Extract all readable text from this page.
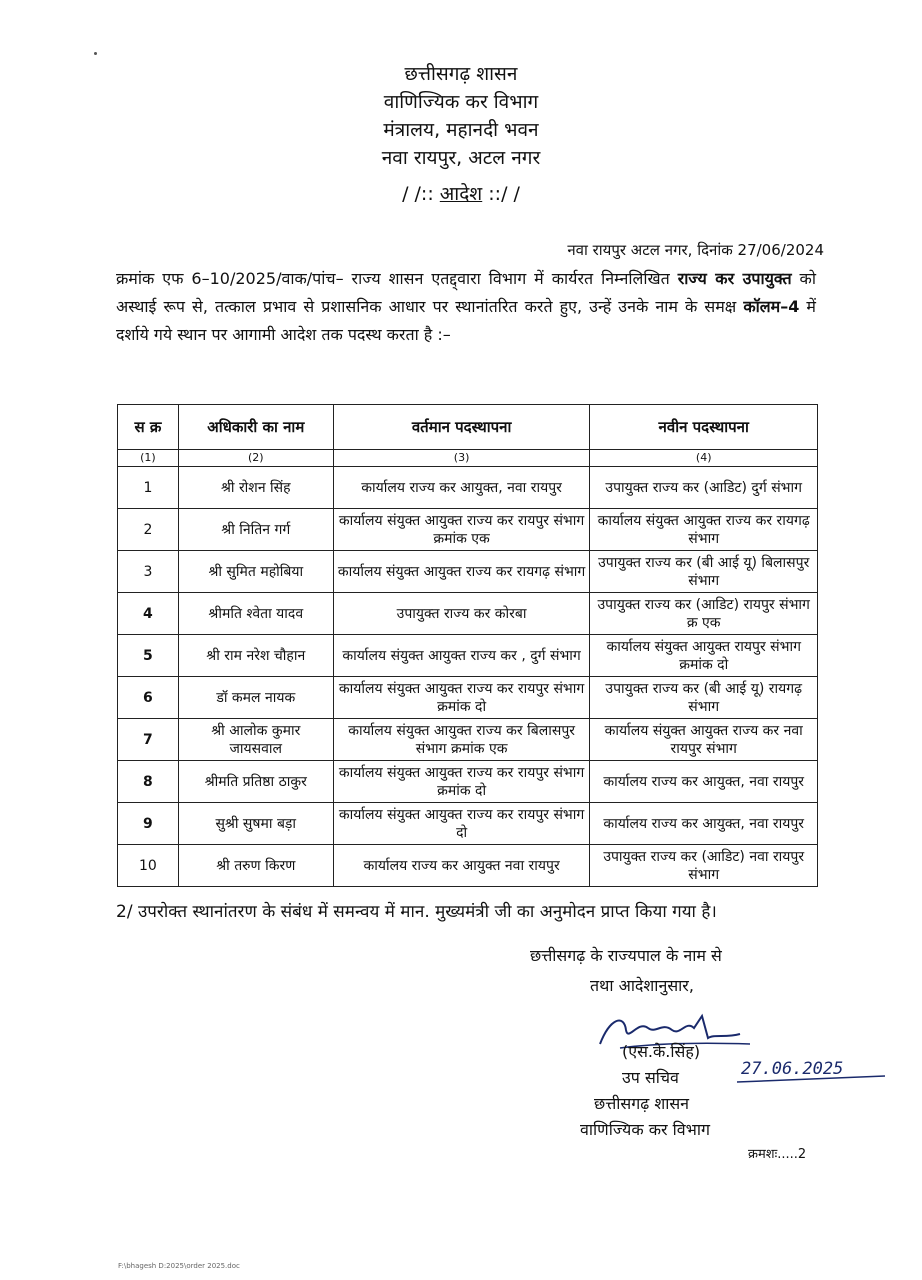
छत्तीसगढ़ शासन
वाणिज्यिक कर विभाग
मंत्रालय, महानदी भवन
नवा रायपुर, अटल नगर
/ /:: आदेश ::/ /
नवा रायपुर अटल नगर, दिनांक 27/06/2024
क्रमांक एफ 6–10/2025/वाक/पांच– राज्य शासन एतद्द्वारा विभाग में कार्यरत निम्नलिखित राज्य कर उपायुक्त को अस्थाई रूप से, तत्काल प्रभाव से प्रशासनिक आधार पर स्थानांतरित करते हुए, उन्हें उनके नाम के समक्ष कॉलम–4 में दर्शाये गये स्थान पर आगामी आदेश तक पदस्थ करता है :–
स क्र	अधिकारी का नाम	वर्तमान पदस्थापना	नवीन पदस्थापना
(1)	(2)	(3)	(4)
1	श्री रोशन सिंह	कार्यालय राज्य कर आयुक्त, नवा रायपुर	उपायुक्त राज्य कर (आडिट) दुर्ग संभाग
2	श्री नितिन गर्ग	कार्यालय संयुक्त आयुक्त राज्य कर रायपुर संभाग क्रमांक एक	कार्यालय संयुक्त आयुक्त राज्य कर रायगढ़ संभाग
3	श्री सुमित महोबिया	कार्यालय संयुक्त आयुक्त राज्य कर रायगढ़ संभाग	उपायुक्त राज्य कर (बी आई यू) बिलासपुर संभाग
4	श्रीमति श्वेता यादव	उपायुक्त राज्य कर कोरबा	उपायुक्त राज्य कर (आडिट) रायपुर संभाग क्र एक
5	श्री राम नरेश चौहान	कार्यालय संयुक्त आयुक्त राज्य कर , दुर्ग संभाग	कार्यालय संयुक्त आयुक्त रायपुर संभाग क्रमांक दो
6	डॉ कमल नायक	कार्यालय संयुक्त आयुक्त राज्य कर रायपुर संभाग क्रमांक दो	उपायुक्त राज्य कर (बी आई यू) रायगढ़ संभाग
7	श्री आलोक कुमार जायसवाल	कार्यालय संयुक्त आयुक्त राज्य कर बिलासपुर संभाग क्रमांक एक	कार्यालय संयुक्त आयुक्त राज्य कर नवा रायपुर संभाग
8	श्रीमति प्रतिष्ठा ठाकुर	कार्यालय संयुक्त आयुक्त राज्य कर रायपुर संभाग क्रमांक दो	कार्यालय राज्य कर आयुक्त, नवा रायपुर
9	सुश्री सुषमा बड़ा	कार्यालय संयुक्त आयुक्त राज्य कर रायपुर संभाग दो	कार्यालय राज्य कर आयुक्त, नवा रायपुर
10	श्री तरुण किरण	कार्यालय राज्य कर आयुक्त नवा रायपुर	उपायुक्त राज्य कर (आडिट) नवा रायपुर संभाग
2/ उपरोक्त स्थानांतरण के संबंध में समन्वय में मान. मुख्यमंत्री जी का अनुमोदन प्राप्त किया गया है।
छत्तीसगढ़ के राज्यपाल के नाम से
तथा आदेशानुसार,
(एस.के.सिंह)
27.06.2025
उप सचिव
छत्तीसगढ़ शासन
वाणिज्यिक कर विभाग
क्रमशः.....2
F:\bhagesh D:2025\order 2025.doc
